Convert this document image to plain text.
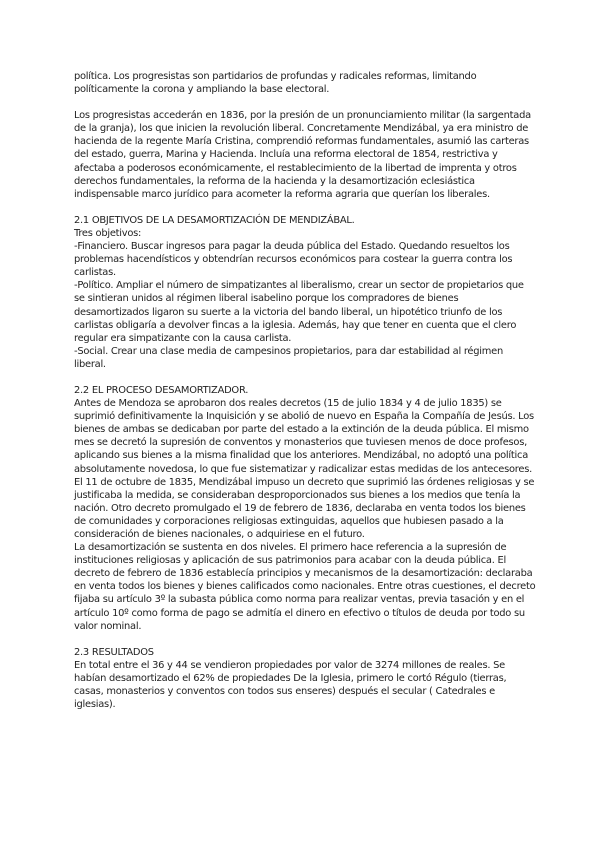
política. Los progresistas son partidarios de profundas y radicales reformas, limitando políticamente la corona y ampliando la base electoral.

Los progresistas accederán en 1836, por la presión de un pronunciamiento militar (la sargentada de la granja), los que inicien la revolución liberal. Concretamente Mendizábal, ya era ministro de hacienda de la regente María Cristina, comprendió reformas fundamentales, asumió las carteras del estado, guerra, Marina y Hacienda. Incluía una reforma electoral de 1854, restrictiva y afectaba a poderosos económicamente, el restablecimiento de la libertad de imprenta y otros derechos fundamentales, la reforma de la hacienda y la desamortización eclesiástica indispensable marco jurídico para acometer la reforma agraria que querían los liberales.

2.1 OBJETIVOS DE LA DESAMORTIZACIÓN DE MENDIZÁBAL.

Tres objetivos:

-Financiero. Buscar ingresos para pagar la deuda pública del Estado. Quedando resueltos los problemas hacendísticos y obtendrían recursos económicos para costear la guerra contra los carlistas.

-Político. Ampliar el número de simpatizantes al liberalismo, crear un sector de propietarios que se sintieran unidos al régimen liberal isabelino porque los compradores de bienes desamortizados ligaron su suerte a la victoria del bando liberal, un hipotético triunfo de los carlistas obligaría a devolver fincas a la iglesia. Además, hay que tener en cuenta que el clero regular era simpatizante con la causa carlista.

-Social. Crear una clase media de campesinos propietarios, para dar estabilidad al régimen liberal.

2.2 EL PROCESO DESAMORTIZADOR.

Antes de Mendoza se aprobaron dos reales decretos (15 de julio 1834 y 4 de julio 1835) se suprimió definitivamente la Inquisición y se abolió de nuevo en España la Compañía de Jesús. Los bienes de ambas se dedicaban por parte del estado a la extinción de la deuda pública. El mismo mes se decretó la supresión de conventos y monasterios que tuviesen menos de doce profesos, aplicando sus bienes a la misma finalidad que los anteriores. Mendizábal, no adoptó una política absolutamente novedosa, lo que fue sistematizar y radicalizar estas medidas de los antecesores.

El 11 de octubre de 1835, Mendizábal impuso un decreto que suprimió las órdenes religiosas y se justificaba la medida, se consideraban desproporcionados sus bienes a los medios que tenía la nación. Otro decreto promulgado el 19 de febrero de 1836, declaraba en venta todos los bienes de comunidades y corporaciones religiosas extinguidas, aquellos que hubiesen pasado a la consideración de bienes nacionales, o adquiriese en el futuro.

La desamortización se sustenta en dos niveles. El primero hace referencia a la supresión de instituciones religiosas y aplicación de sus patrimonios para acabar con la deuda pública. El decreto de febrero de 1836 establecía principios y mecanismos de la desamortización: declaraba en venta todos los bienes y bienes calificados como nacionales. Entre otras cuestiones, el decreto fijaba su artículo 3º la subasta pública como norma para realizar ventas, previa tasación y en el artículo 10º como forma de pago se admitía el dinero en efectivo o títulos de deuda por todo su valor nominal.

2.3 RESULTADOS

En total entre el 36 y 44 se vendieron propiedades por valor de 3274 millones de reales. Se habían desamortizado el 62% de propiedades De la Iglesia, primero le cortó Régulo (tierras, casas, monasterios y conventos con todos sus enseres) después el secular ( Catedrales e iglesias).
